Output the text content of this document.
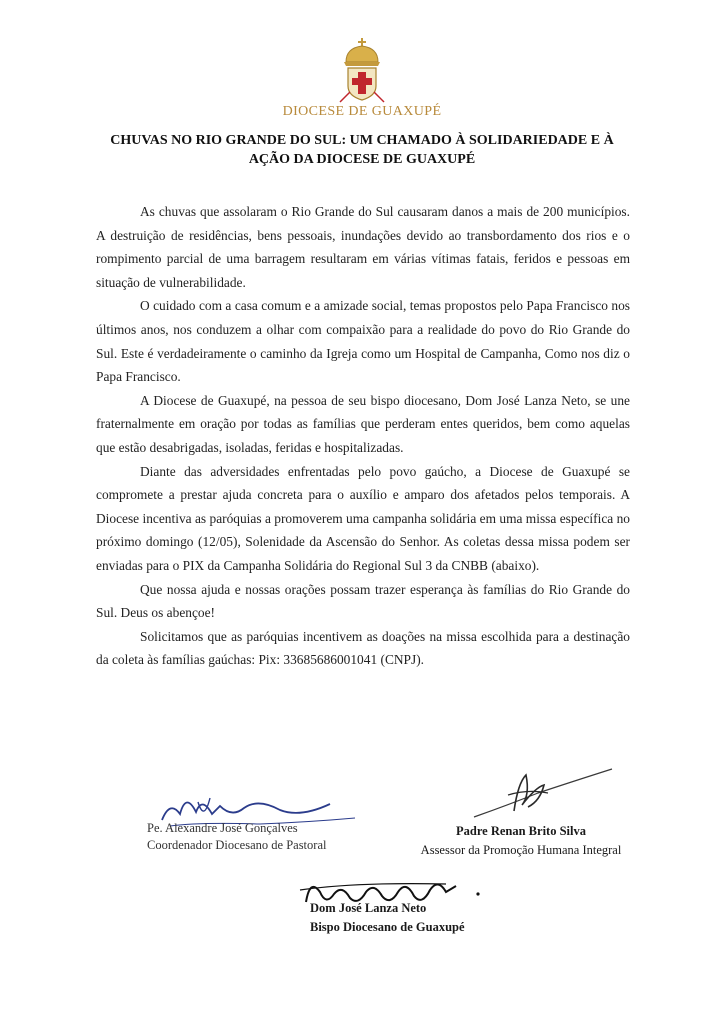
DIOCESE DE GUAXUPÉ
CHUVAS NO RIO GRANDE DO SUL: UM CHAMADO À SOLIDARIEDADE E À AÇÃO DA DIOCESE DE GUAXUPÉ

As chuvas que assolaram o Rio Grande do Sul causaram danos a mais de 200 municípios. A destruição de residências, bens pessoais, inundações devido ao transbordamento dos rios e o rompimento parcial de uma barragem resultaram em várias vítimas fatais, feridos e pessoas em situação de vulnerabilidade.

O cuidado com a casa comum e a amizade social, temas propostos pelo Papa Francisco nos últimos anos, nos conduzem a olhar com compaixão para a realidade do povo do Rio Grande do Sul. Este é verdadeiramente o caminho da Igreja como um Hospital de Campanha, Como nos diz o Papa Francisco.

A Diocese de Guaxupé, na pessoa de seu bispo diocesano, Dom José Lanza Neto, se une fraternalmente em oração por todas as famílias que perderam entes queridos, bem como aquelas que estão desabrigadas, isoladas, feridas e hospitalizadas.

Diante das adversidades enfrentadas pelo povo gaúcho, a Diocese de Guaxupé se compromete a prestar ajuda concreta para o auxílio e amparo dos afetados pelos temporais. A Diocese incentiva as paróquias a promoverem uma campanha solidária em uma missa específica no próximo domingo (12/05), Solenidade da Ascensão do Senhor. As coletas dessa missa podem ser enviadas para o PIX da Campanha Solidária do Regional Sul 3 da CNBB (abaixo).

Que nossa ajuda e nossas orações possam trazer esperança às famílias do Rio Grande do Sul. Deus os abençoe!

Solicitamos que as paróquias incentivem as doações na missa escolhida para a destinação da coleta às famílias gaúchas: Pix: 33685686001041 (CNPJ).

Pe. Alexandre José Gonçalves
Coordenador Diocesano de Pastoral
Padre Renan Brito Silva
Assessor da Promoção Humana Integral
Dom José Lanza Neto
Bispo Diocesano de Guaxupé
